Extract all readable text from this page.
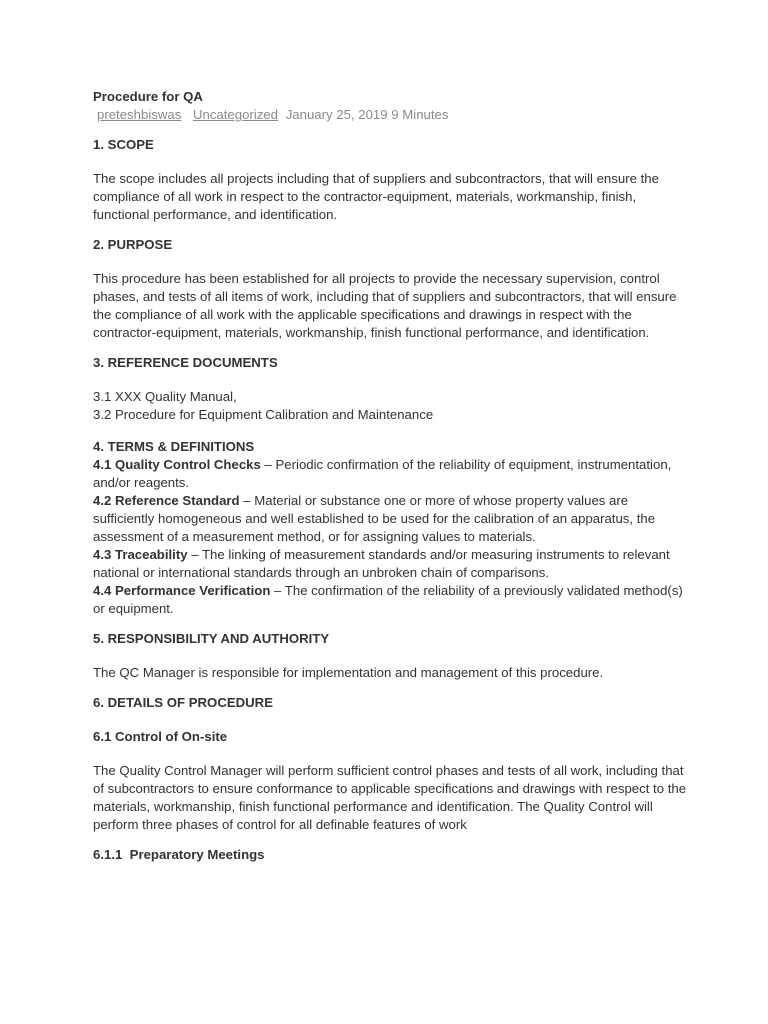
Procedure for QA
preteshbiswas Uncategorized January 25, 2019 9 Minutes
1. SCOPE
The scope includes all projects including that of suppliers and subcontractors, that will ensure the compliance of all work in respect to the contractor-equipment, materials, workmanship, finish, functional performance, and identification.
2. PURPOSE
This procedure has been established for all projects to provide the necessary supervision, control phases, and tests of all items of work, including that of suppliers and subcontractors, that will ensure the compliance of all work with the applicable specifications and drawings in respect with the contractor-equipment, materials, workmanship, finish functional performance, and identification.
3. REFERENCE DOCUMENTS
3.1 XXX Quality Manual,
3.2 Procedure for Equipment Calibration and Maintenance
4. TERMS & DEFINITIONS
4.1 Quality Control Checks – Periodic confirmation of the reliability of equipment, instrumentation, and/or reagents.
4.2 Reference Standard – Material or substance one or more of whose property values are sufficiently homogeneous and well established to be used for the calibration of an apparatus, the assessment of a measurement method, or for assigning values to materials.
4.3 Traceability – The linking of measurement standards and/or measuring instruments to relevant national or international standards through an unbroken chain of comparisons.
4.4 Performance Verification – The confirmation of the reliability of a previously validated method(s) or equipment.
5. RESPONSIBILITY AND AUTHORITY
The QC Manager is responsible for implementation and management of this procedure.
6. DETAILS OF PROCEDURE
6.1 Control of On-site
The Quality Control Manager will perform sufficient control phases and tests of all work, including that of subcontractors to ensure conformance to applicable specifications and drawings with respect to the materials, workmanship, finish functional performance and identification. The Quality Control will perform three phases of control for all definable features of work
6.1.1  Preparatory Meetings
